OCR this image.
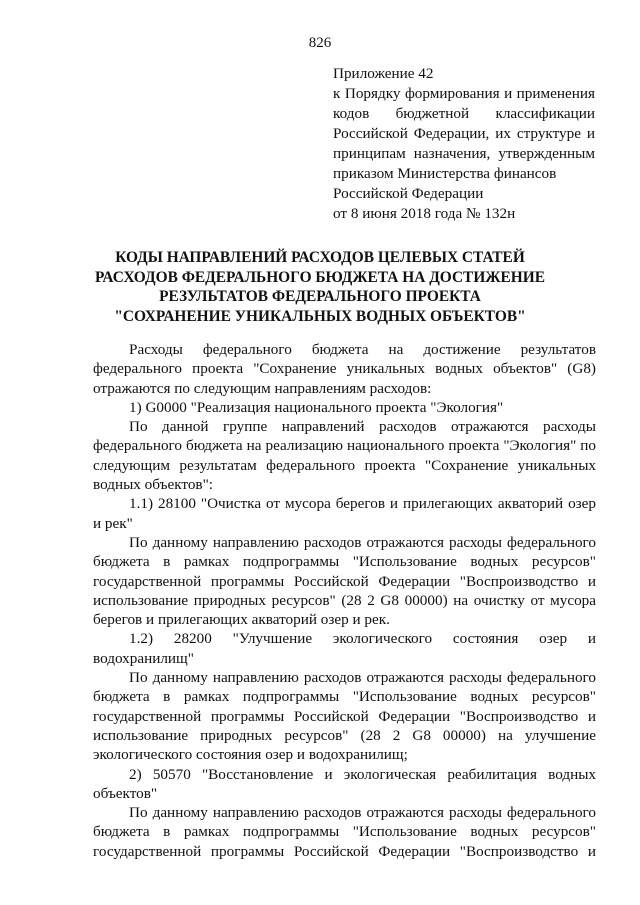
826
Приложение 42
к Порядку формирования и применения
кодов бюджетной классификации
Российской Федерации, их структуре и
принципам назначения, утвержденным
приказом Министерства финансов
Российской Федерации
от 8 июня 2018 года № 132н
КОДЫ НАПРАВЛЕНИЙ РАСХОДОВ ЦЕЛЕВЫХ СТАТЕЙ
РАСХОДОВ ФЕДЕРАЛЬНОГО БЮДЖЕТА НА ДОСТИЖЕНИЕ
РЕЗУЛЬТАТОВ ФЕДЕРАЛЬНОГО ПРОЕКТА
"СОХРАНЕНИЕ УНИКАЛЬНЫХ ВОДНЫХ ОБЪЕКТОВ"

Расходы федерального бюджета на достижение результатов федерального проекта "Сохранение уникальных водных объектов" (G8) отражаются по следующим направлениям расходов:

1) G0000 "Реализация национального проекта "Экология"

По данной группе направлений расходов отражаются расходы федерального бюджета на реализацию национального проекта "Экология" по следующим результатам федерального проекта "Сохранение уникальных водных объектов":

1.1) 28100 "Очистка от мусора берегов и прилегающих акваторий озер и рек"

По данному направлению расходов отражаются расходы федерального бюджета в рамках подпрограммы "Использование водных ресурсов" государственной программы Российской Федерации "Воспроизводство и использование природных ресурсов" (28 2 G8 00000) на очистку от мусора берегов и прилегающих акваторий озер и рек.

1.2) 28200 "Улучшение экологического состояния озер и водохранилищ"

По данному направлению расходов отражаются расходы федерального бюджета в рамках подпрограммы "Использование водных ресурсов" государственной программы Российской Федерации "Воспроизводство и использование природных ресурсов" (28 2 G8 00000) на улучшение экологического состояния озер и водохранилищ;

2) 50570 "Восстановление и экологическая реабилитация водных объектов"

По данному направлению расходов отражаются расходы федерального бюджета в рамках подпрограммы "Использование водных ресурсов" государственной программы Российской Федерации "Воспроизводство и
